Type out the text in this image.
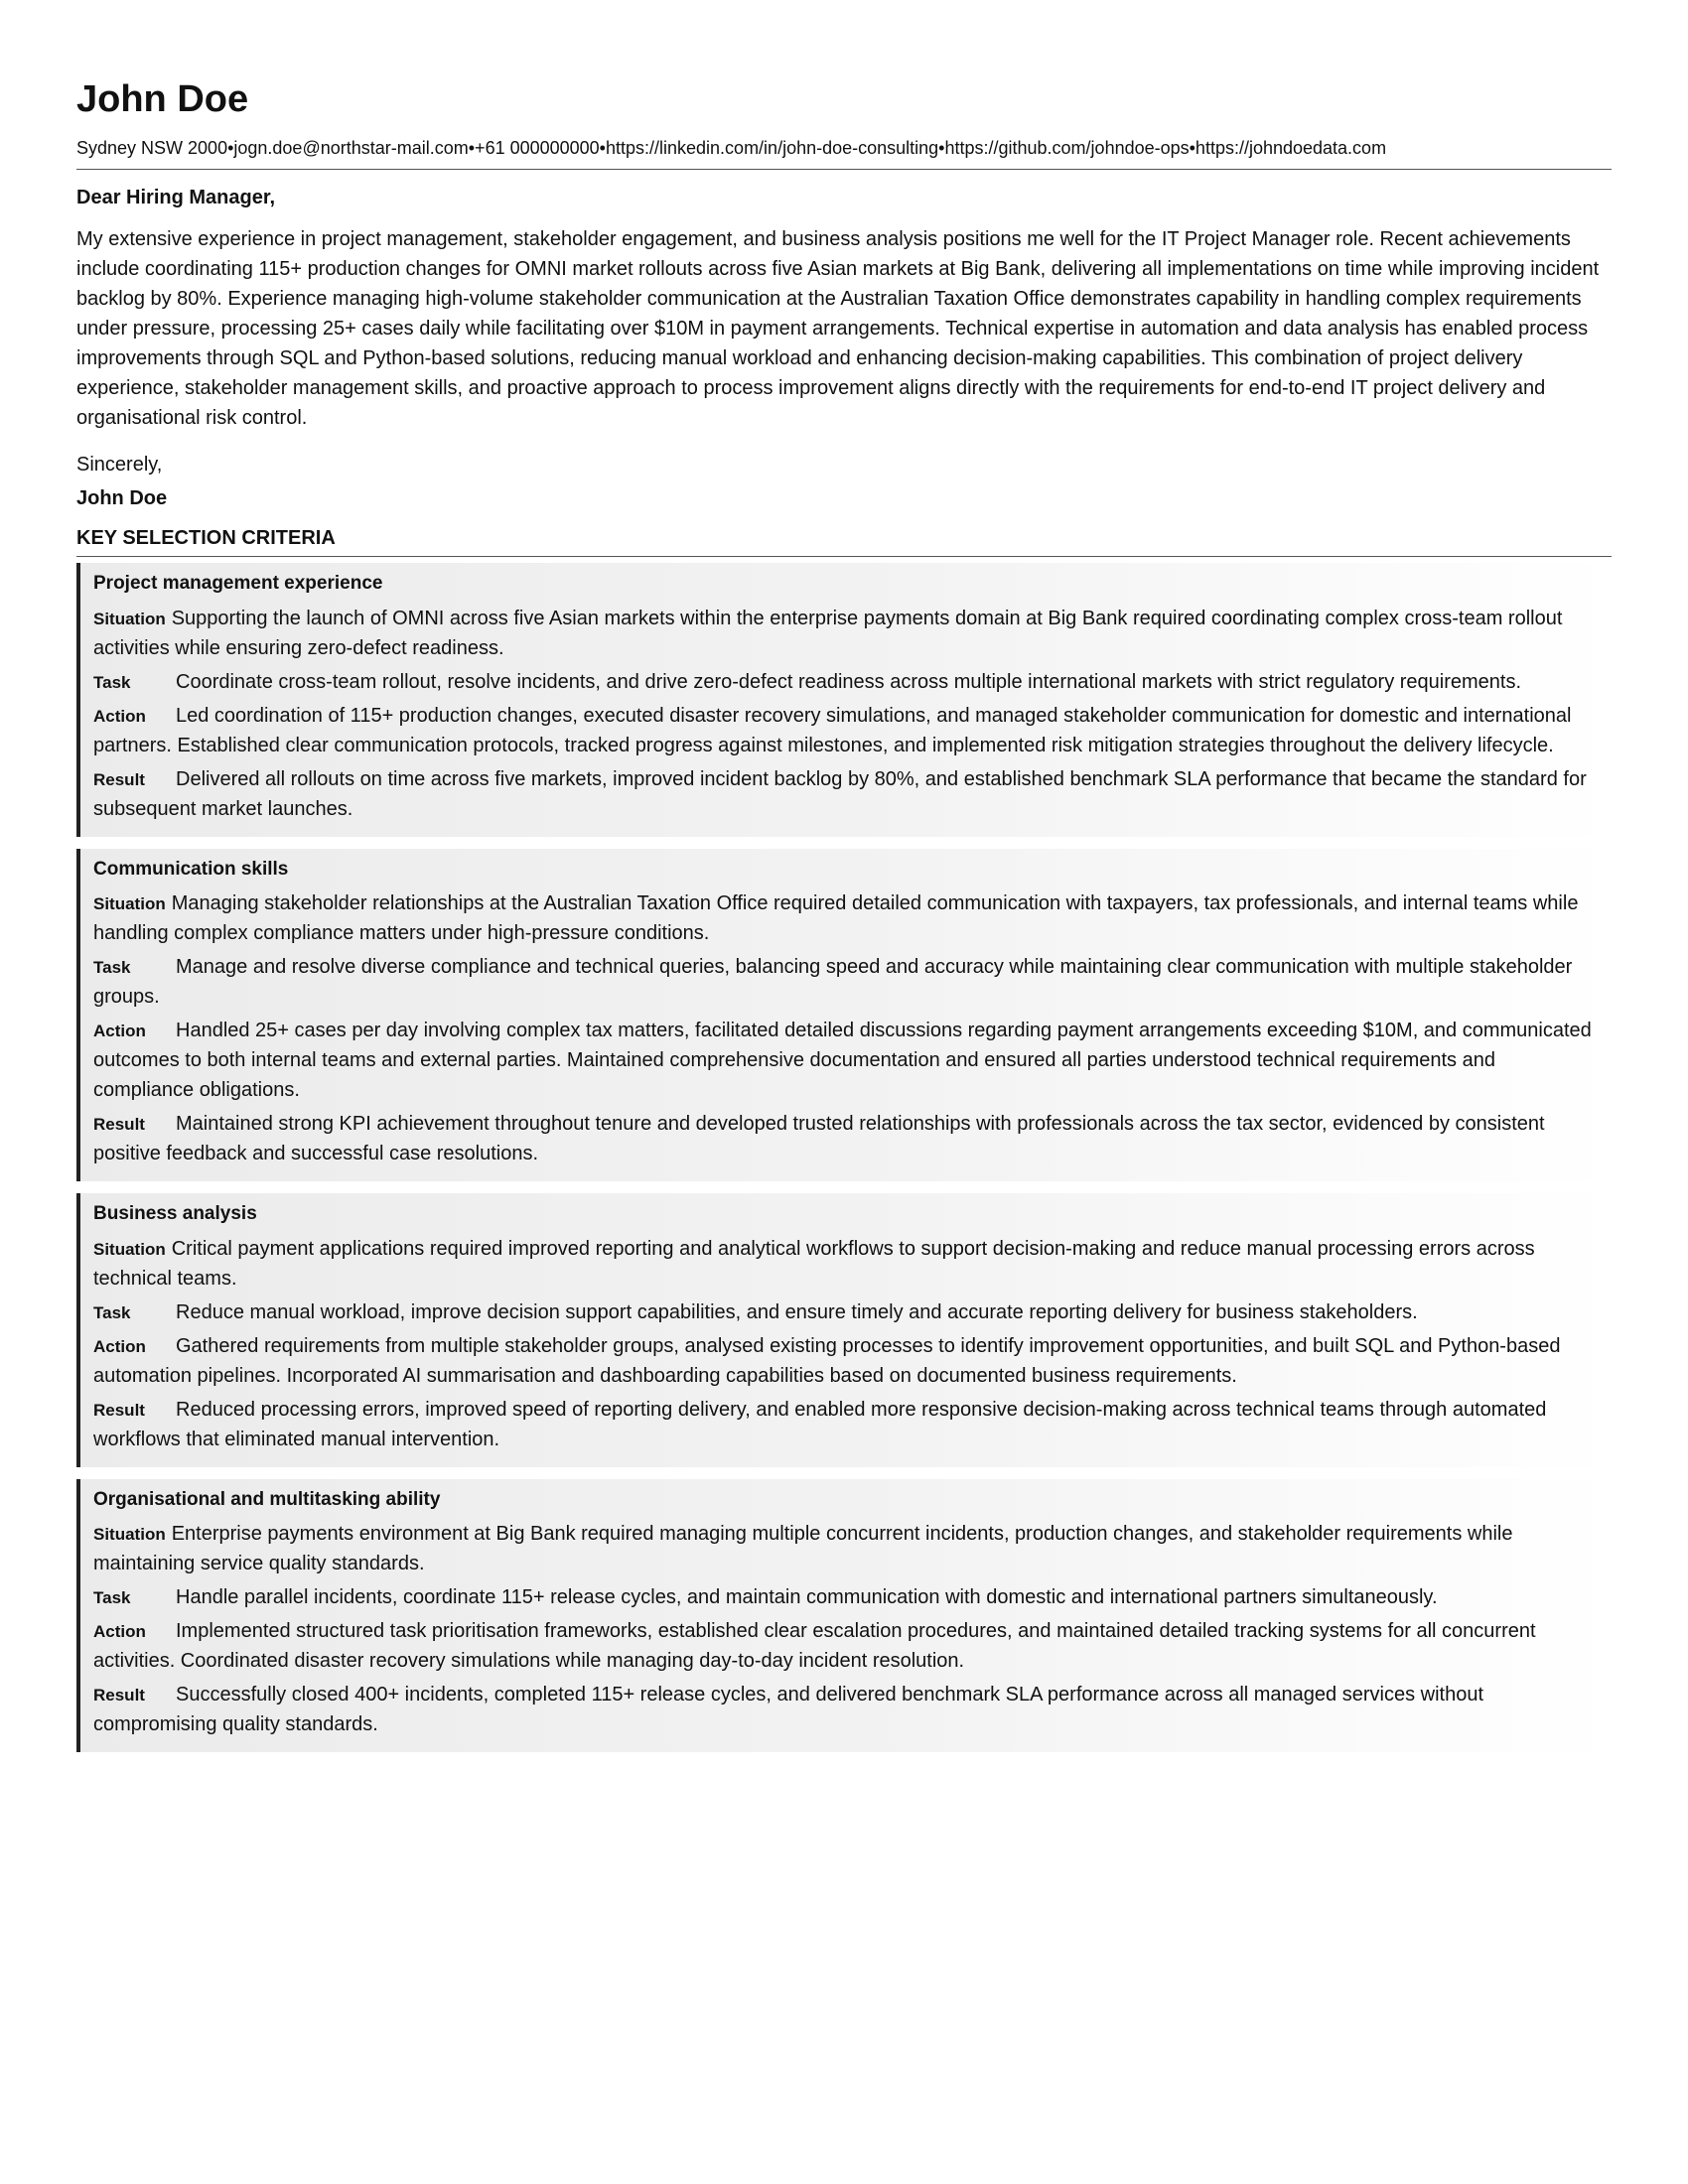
John Doe
Sydney NSW 2000•jogn.doe@northstar-mail.com•+61 000000000•https://linkedin.com/in/john-doe-consulting•https://github.com/johndoe-ops•https://johndoedata.com
Dear Hiring Manager,

My extensive experience in project management, stakeholder engagement, and business analysis positions me well for the IT Project Manager role. Recent achievements include coordinating 115+ production changes for OMNI market rollouts across five Asian markets at Big Bank, delivering all implementations on time while improving incident backlog by 80%. Experience managing high-volume stakeholder communication at the Australian Taxation Office demonstrates capability in handling complex requirements under pressure, processing 25+ cases daily while facilitating over $10M in payment arrangements. Technical expertise in automation and data analysis has enabled process improvements through SQL and Python-based solutions, reducing manual workload and enhancing decision-making capabilities. This combination of project delivery experience, stakeholder management skills, and proactive approach to process improvement aligns directly with the requirements for end-to-end IT project delivery and organisational risk control.

Sincerely,
John Doe
KEY SELECTION CRITERIA
Project management experience
Situation Supporting the launch of OMNI across five Asian markets within the enterprise payments domain at Big Bank required coordinating complex cross-team rollout activities while ensuring zero-defect readiness.
Task Coordinate cross-team rollout, resolve incidents, and drive zero-defect readiness across multiple international markets with strict regulatory requirements.
Action Led coordination of 115+ production changes, executed disaster recovery simulations, and managed stakeholder communication for domestic and international partners. Established clear communication protocols, tracked progress against milestones, and implemented risk mitigation strategies throughout the delivery lifecycle.
Result Delivered all rollouts on time across five markets, improved incident backlog by 80%, and established benchmark SLA performance that became the standard for subsequent market launches.
Communication skills
Situation Managing stakeholder relationships at the Australian Taxation Office required detailed communication with taxpayers, tax professionals, and internal teams while handling complex compliance matters under high-pressure conditions.
Task Manage and resolve diverse compliance and technical queries, balancing speed and accuracy while maintaining clear communication with multiple stakeholder groups.
Action Handled 25+ cases per day involving complex tax matters, facilitated detailed discussions regarding payment arrangements exceeding $10M, and communicated outcomes to both internal teams and external parties. Maintained comprehensive documentation and ensured all parties understood technical requirements and compliance obligations.
Result Maintained strong KPI achievement throughout tenure and developed trusted relationships with professionals across the tax sector, evidenced by consistent positive feedback and successful case resolutions.
Business analysis
Situation Critical payment applications required improved reporting and analytical workflows to support decision-making and reduce manual processing errors across technical teams.
Task Reduce manual workload, improve decision support capabilities, and ensure timely and accurate reporting delivery for business stakeholders.
Action Gathered requirements from multiple stakeholder groups, analysed existing processes to identify improvement opportunities, and built SQL and Python-based automation pipelines. Incorporated AI summarisation and dashboarding capabilities based on documented business requirements.
Result Reduced processing errors, improved speed of reporting delivery, and enabled more responsive decision-making across technical teams through automated workflows that eliminated manual intervention.
Organisational and multitasking ability
Situation Enterprise payments environment at Big Bank required managing multiple concurrent incidents, production changes, and stakeholder requirements while maintaining service quality standards.
Task Handle parallel incidents, coordinate 115+ release cycles, and maintain communication with domestic and international partners simultaneously.
Action Implemented structured task prioritisation frameworks, established clear escalation procedures, and maintained detailed tracking systems for all concurrent activities. Coordinated disaster recovery simulations while managing day-to-day incident resolution.
Result Successfully closed 400+ incidents, completed 115+ release cycles, and delivered benchmark SLA performance across all managed services without compromising quality standards.
